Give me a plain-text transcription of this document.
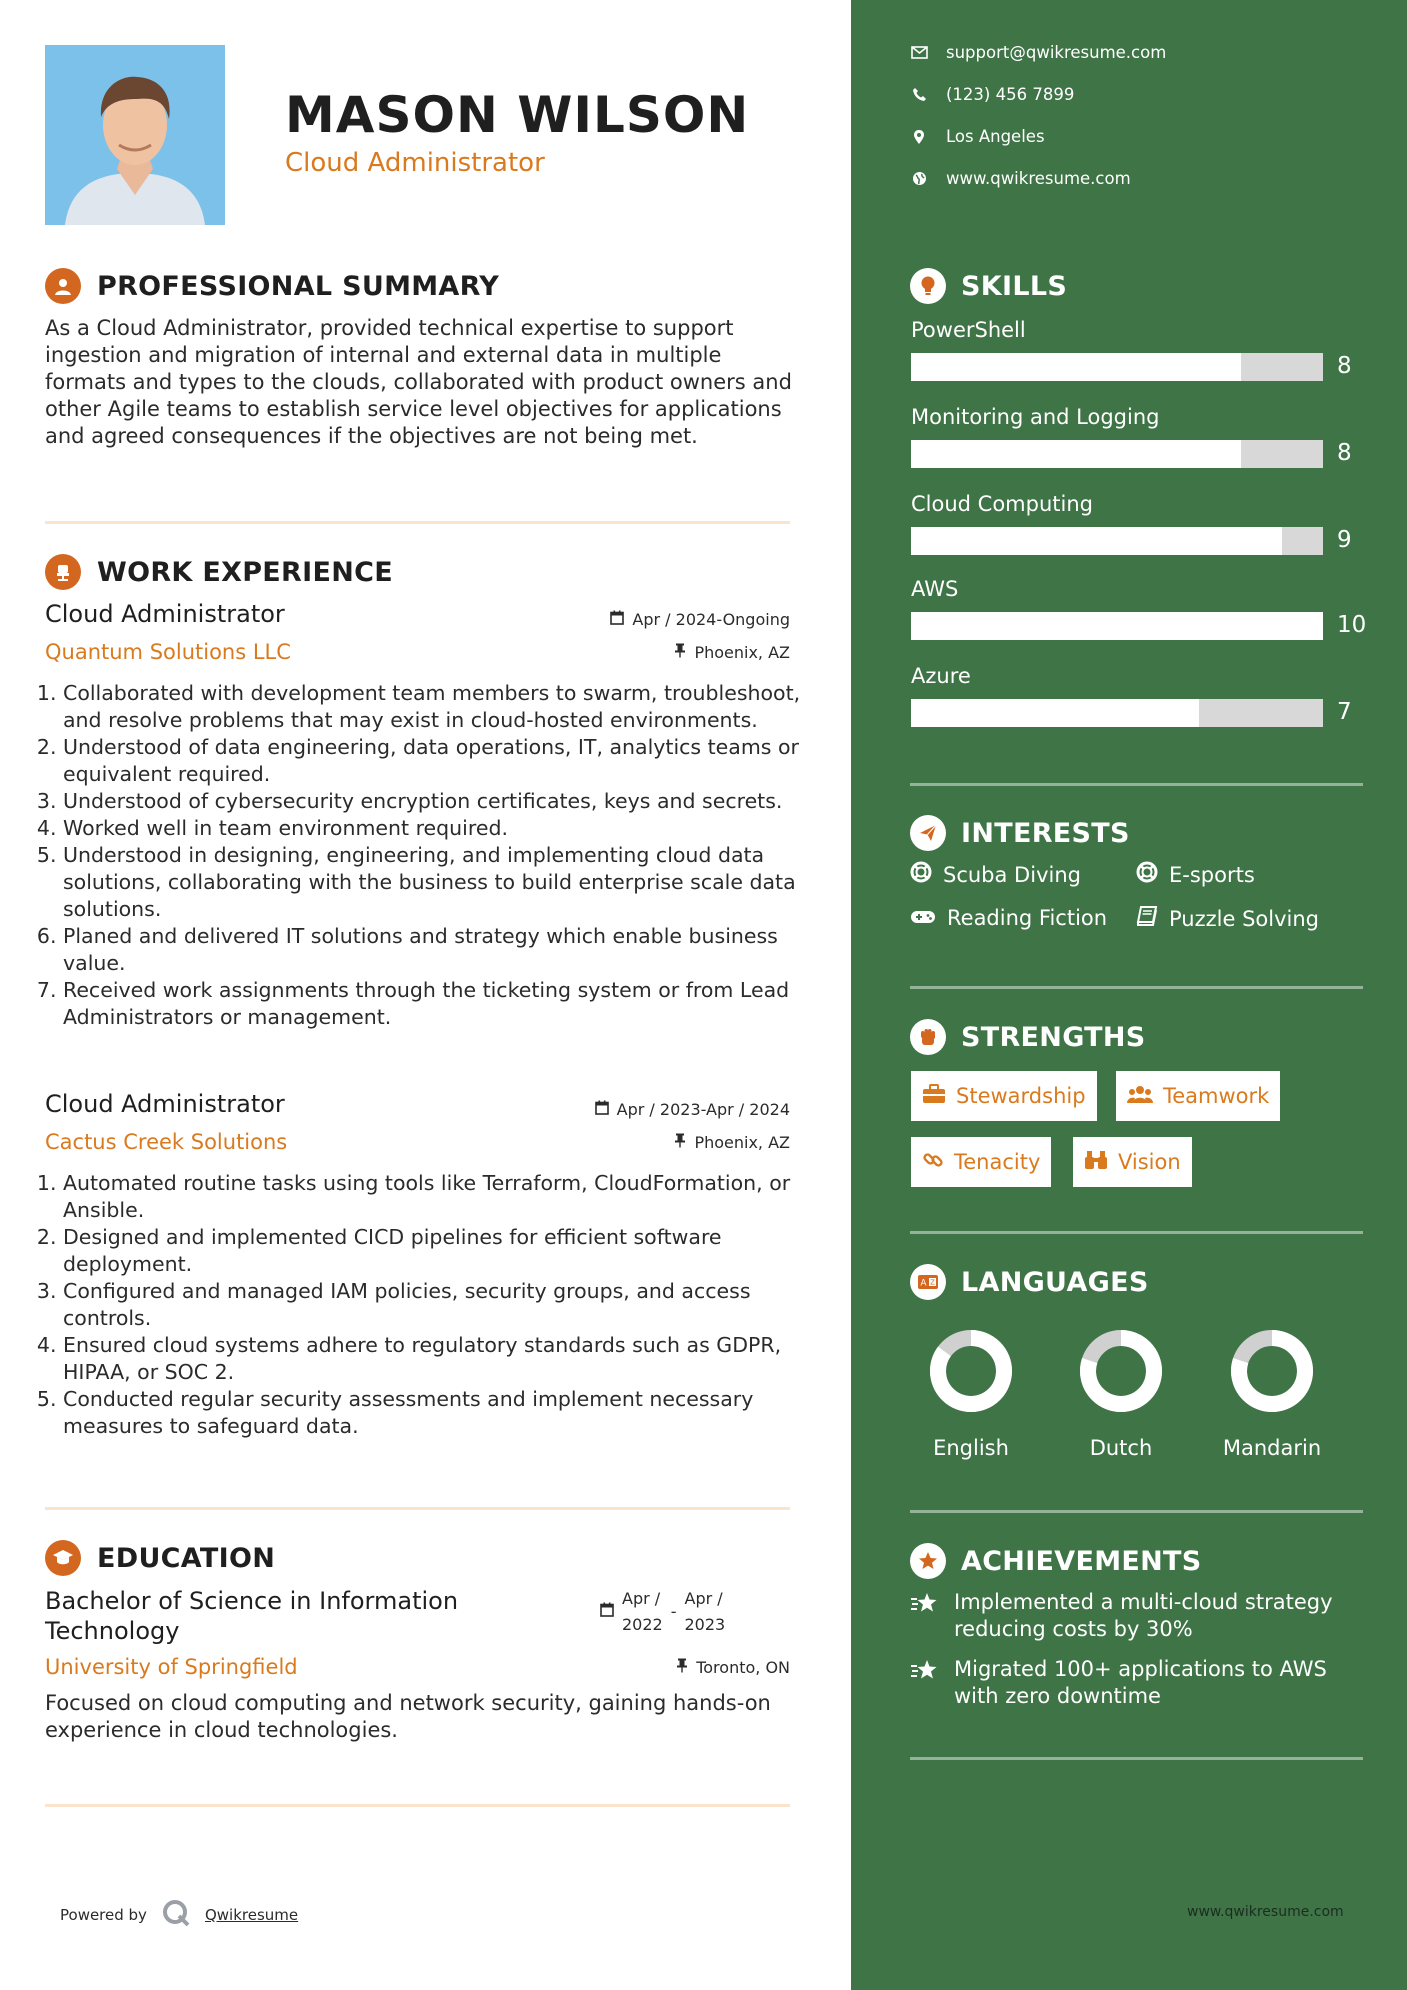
MASON WILSON
Cloud Administrator
PROFESSIONAL SUMMARY
As a Cloud Administrator, provided technical expertise to support ingestion and migration of internal and external data in multiple formats and types to the clouds, collaborated with product owners and other Agile teams to establish service level objectives for applications and agreed consequences if the objectives are not being met.
WORK EXPERIENCE
Cloud Administrator	Apr / 2024-Ongoing
Quantum Solutions LLC	Phoenix, AZ
1. Collaborated with development team members to swarm, troubleshoot, and resolve problems that may exist in cloud-hosted environments.
2. Understood of data engineering, data operations, IT, analytics teams or equivalent required.
3. Understood of cybersecurity encryption certificates, keys and secrets.
4. Worked well in team environment required.
5. Understood in designing, engineering, and implementing cloud data solutions, collaborating with the business to build enterprise scale data solutions.
6. Planed and delivered IT solutions and strategy which enable business value.
7. Received work assignments through the ticketing system or from Lead Administrators or management.
Cloud Administrator	Apr / 2023-Apr / 2024
Cactus Creek Solutions	Phoenix, AZ
1. Automated routine tasks using tools like Terraform, CloudFormation, or Ansible.
2. Designed and implemented CICD pipelines for efficient software deployment.
3. Configured and managed IAM policies, security groups, and access controls.
4. Ensured cloud systems adhere to regulatory standards such as GDPR, HIPAA, or SOC 2.
5. Conducted regular security assessments and implement necessary measures to safeguard data.
EDUCATION
Bachelor of Science in Information Technology
Apr /
2022
-
Apr /
2023
University of Springfield	Toronto, ON
Focused on cloud computing and network security, gaining hands-on experience in cloud technologies.
Powered by	Qwikresume
support@qwikresume.com
(123) 456 7899
Los Angeles
www.qwikresume.com
SKILLS
PowerShell
8
Monitoring and Logging
8
Cloud Computing
9
AWS
10
Azure
7
INTERESTS
Scuba Diving	E-sports
Reading Fiction	Puzzle Solving
STRENGTHS
Stewardship	Teamwork
Tenacity	Vision
A Z LANGUAGES
English	Dutch	Mandarin
ACHIEVEMENTS
Implemented a multi-cloud strategy reducing costs by 30%
Migrated 100+ applications to AWS with zero downtime
www.qwikresume.com
